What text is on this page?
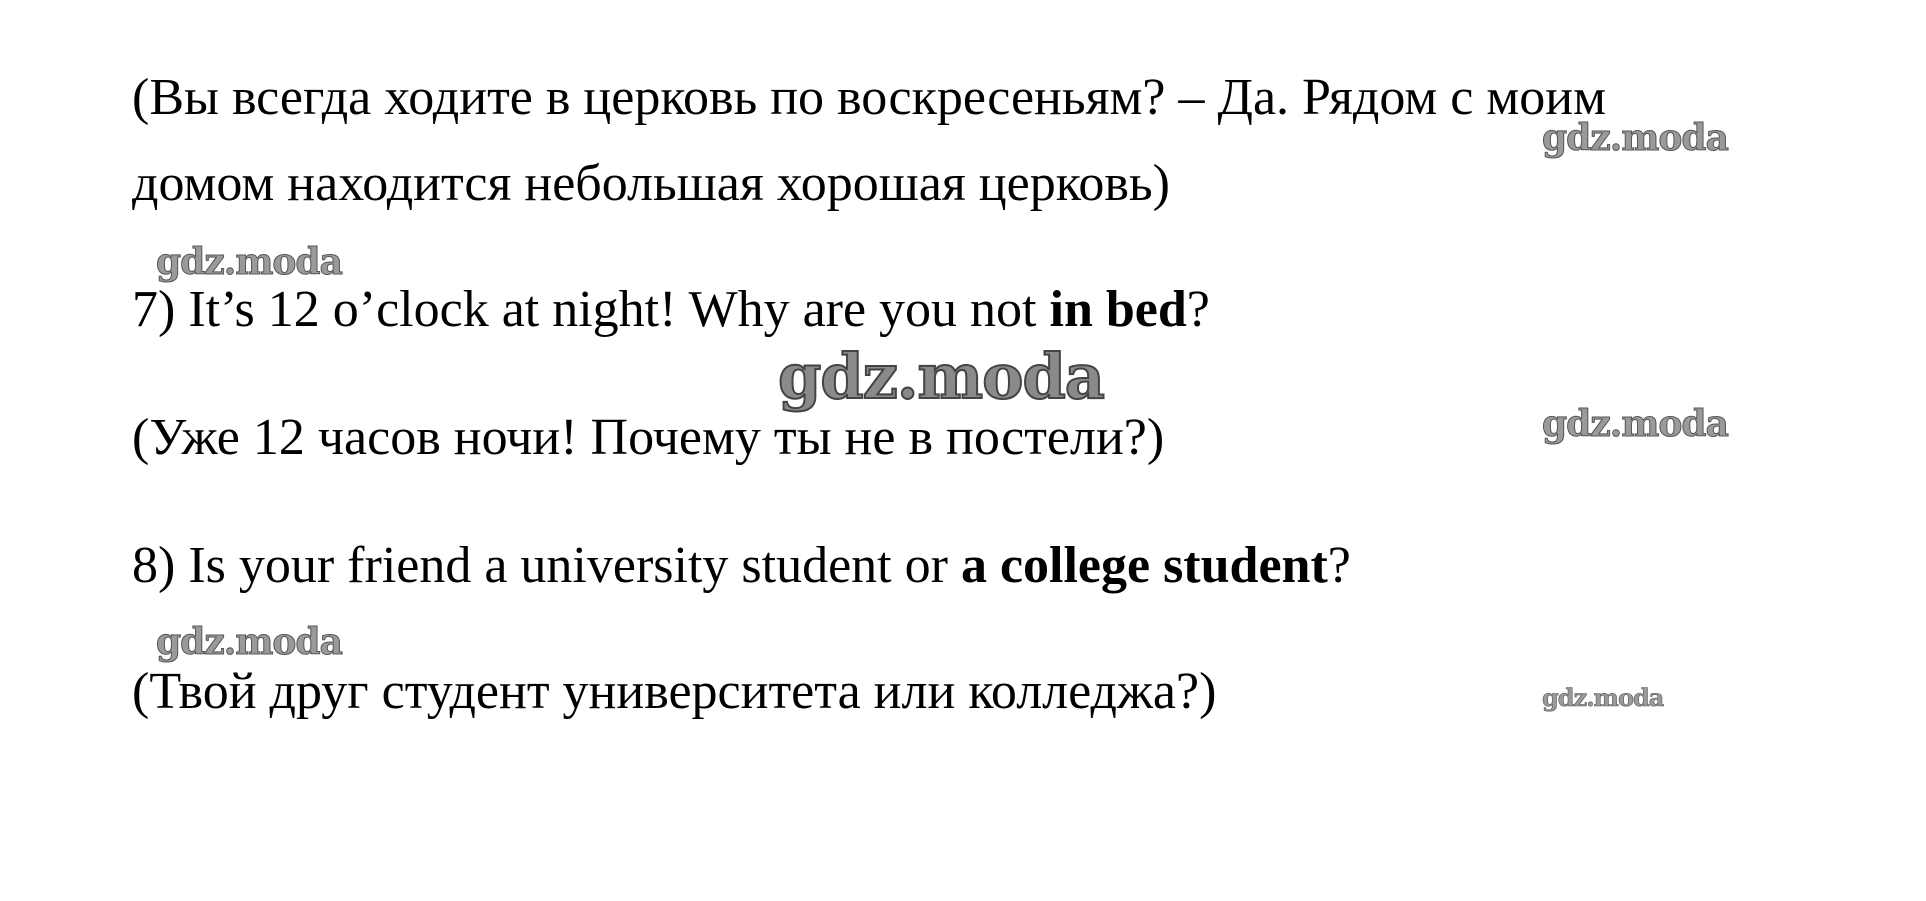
(Вы всегда ходите в церковь по воскресеньям? – Да. Рядом с моим
домом находится небольшая хорошая церковь)
7) It’s 12 o’clock at night! Why are you not in bed?
(Уже 12 часов ночи! Почему ты не в постели?)
8) Is your friend a university student or a college student?
(Твой друг студент университета или колледжа?)
gdz.moda
gdz.moda
gdz.moda
gdz.moda
gdz.moda
gdz.moda
